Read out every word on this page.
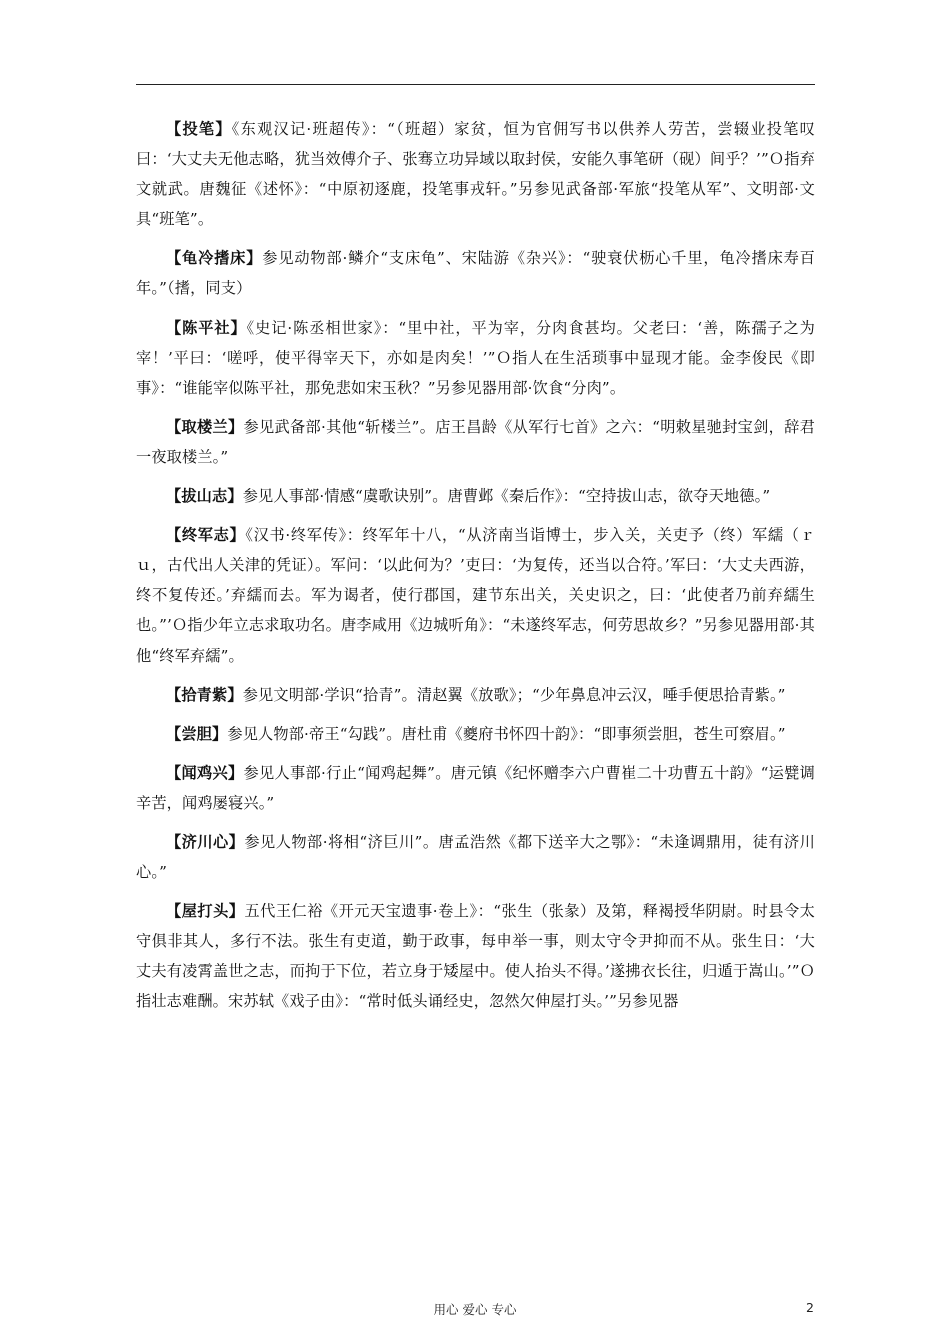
【投笔】《东观汉记·班超传》：“（班超）家贫，恒为官佣写书以供养人劳苦，尝辍业投笔叹曰：‘大丈夫无他志略，犹当效傅介子、张骞立功异域以取封侯，安能久事笔研（砚）间乎？’”Ｏ指弃文就武。唐魏征《述怀》：“中原初逐鹿，投笔事戎轩。”另参见武备部·军旅“投笔从军”、文明部·文具“班笔”。

【龟冷搘床】参见动物部·鳞介“支床龟”、宋陆游《杂兴》：“驶衰伏枥心千里，龟冷搘床寿百年。”（搘，同支）

【陈平社】《史记·陈丞相世家》：“里中社，平为宰，分肉食甚均。父老曰：‘善，陈孺子之为宰！’平曰：‘嗟呼，使平得宰天下，亦如是肉矣！’”Ｏ指人在生活琐事中显现才能。金李俊民《即事》：“谁能宰似陈平社，那免悲如宋玉秋？”另参见器用部·饮食“分肉”。

【取楼兰】参见武备部·其他“斩楼兰”。店王昌龄《从军行七首》之六：“明敕星驰封宝剑，辞君一夜取楼兰。”

【拔山志】参见人事部·情感“虞歌诀别”。唐曹邺《秦后作》：“空持拔山志，欲夺天地德。”

【终军志】《汉书·终军传》：终军年十八，“从济南当诣博士，步入关，关吏予（终）军繻（ｒｕ，古代出人关津的凭证）。军问：‘以此何为？’吏曰：‘为复传，还当以合符。’军曰：‘大丈夫西游，终不复传还。’弃繻而去。军为谒者，使行郡国，建节东出关，关史识之，曰：‘此使者乃前弃繻生也。”’Ｏ指少年立志求取功名。唐李咸用《边城听角》：“未遂终军志，何劳思故乡？”另参见器用部·其他“终军弃繻”。

【拾青紫】参见文明部·学识“拾青”。清赵翼《放歌》；“少年鼻息冲云汉，唾手便思拾青紫。”

【尝胆】参见人物部·帝王“勾践”。唐杜甫《夔府书怀四十韵》：“即事须尝胆，苍生可察眉。”

【闻鸡兴】参见人事部·行止“闻鸡起舞”。唐元镇《纪怀赠李六户曹崔二十功曹五十韵》“运甓调辛苦，闻鸡屡寝兴。”

【济川心】参见人物部·将相“济巨川”。唐孟浩然《都下送辛大之鄂》：“未逢调鼎用，徒有济川心。”

【屋打头】五代王仁裕《开元天宝遗事·卷上》：“张生（张彖）及第，释褐授华阴尉。时县令太守俱非其人，多行不法。张生有吏道，勤于政事，每申举一事，则太守令尹抑而不从。张生日：‘大丈夫有凌霄盖世之志，而拘于下位，若立身于矮屋中。使人抬头不得。’遂拂衣长往，归遁于嵩山。’”Ｏ指壮志难酬。宋苏轼《戏子由》：“常时低头诵经史，忽然欠伸屋打头。’”另参见器

用心 爱心 专心	2
